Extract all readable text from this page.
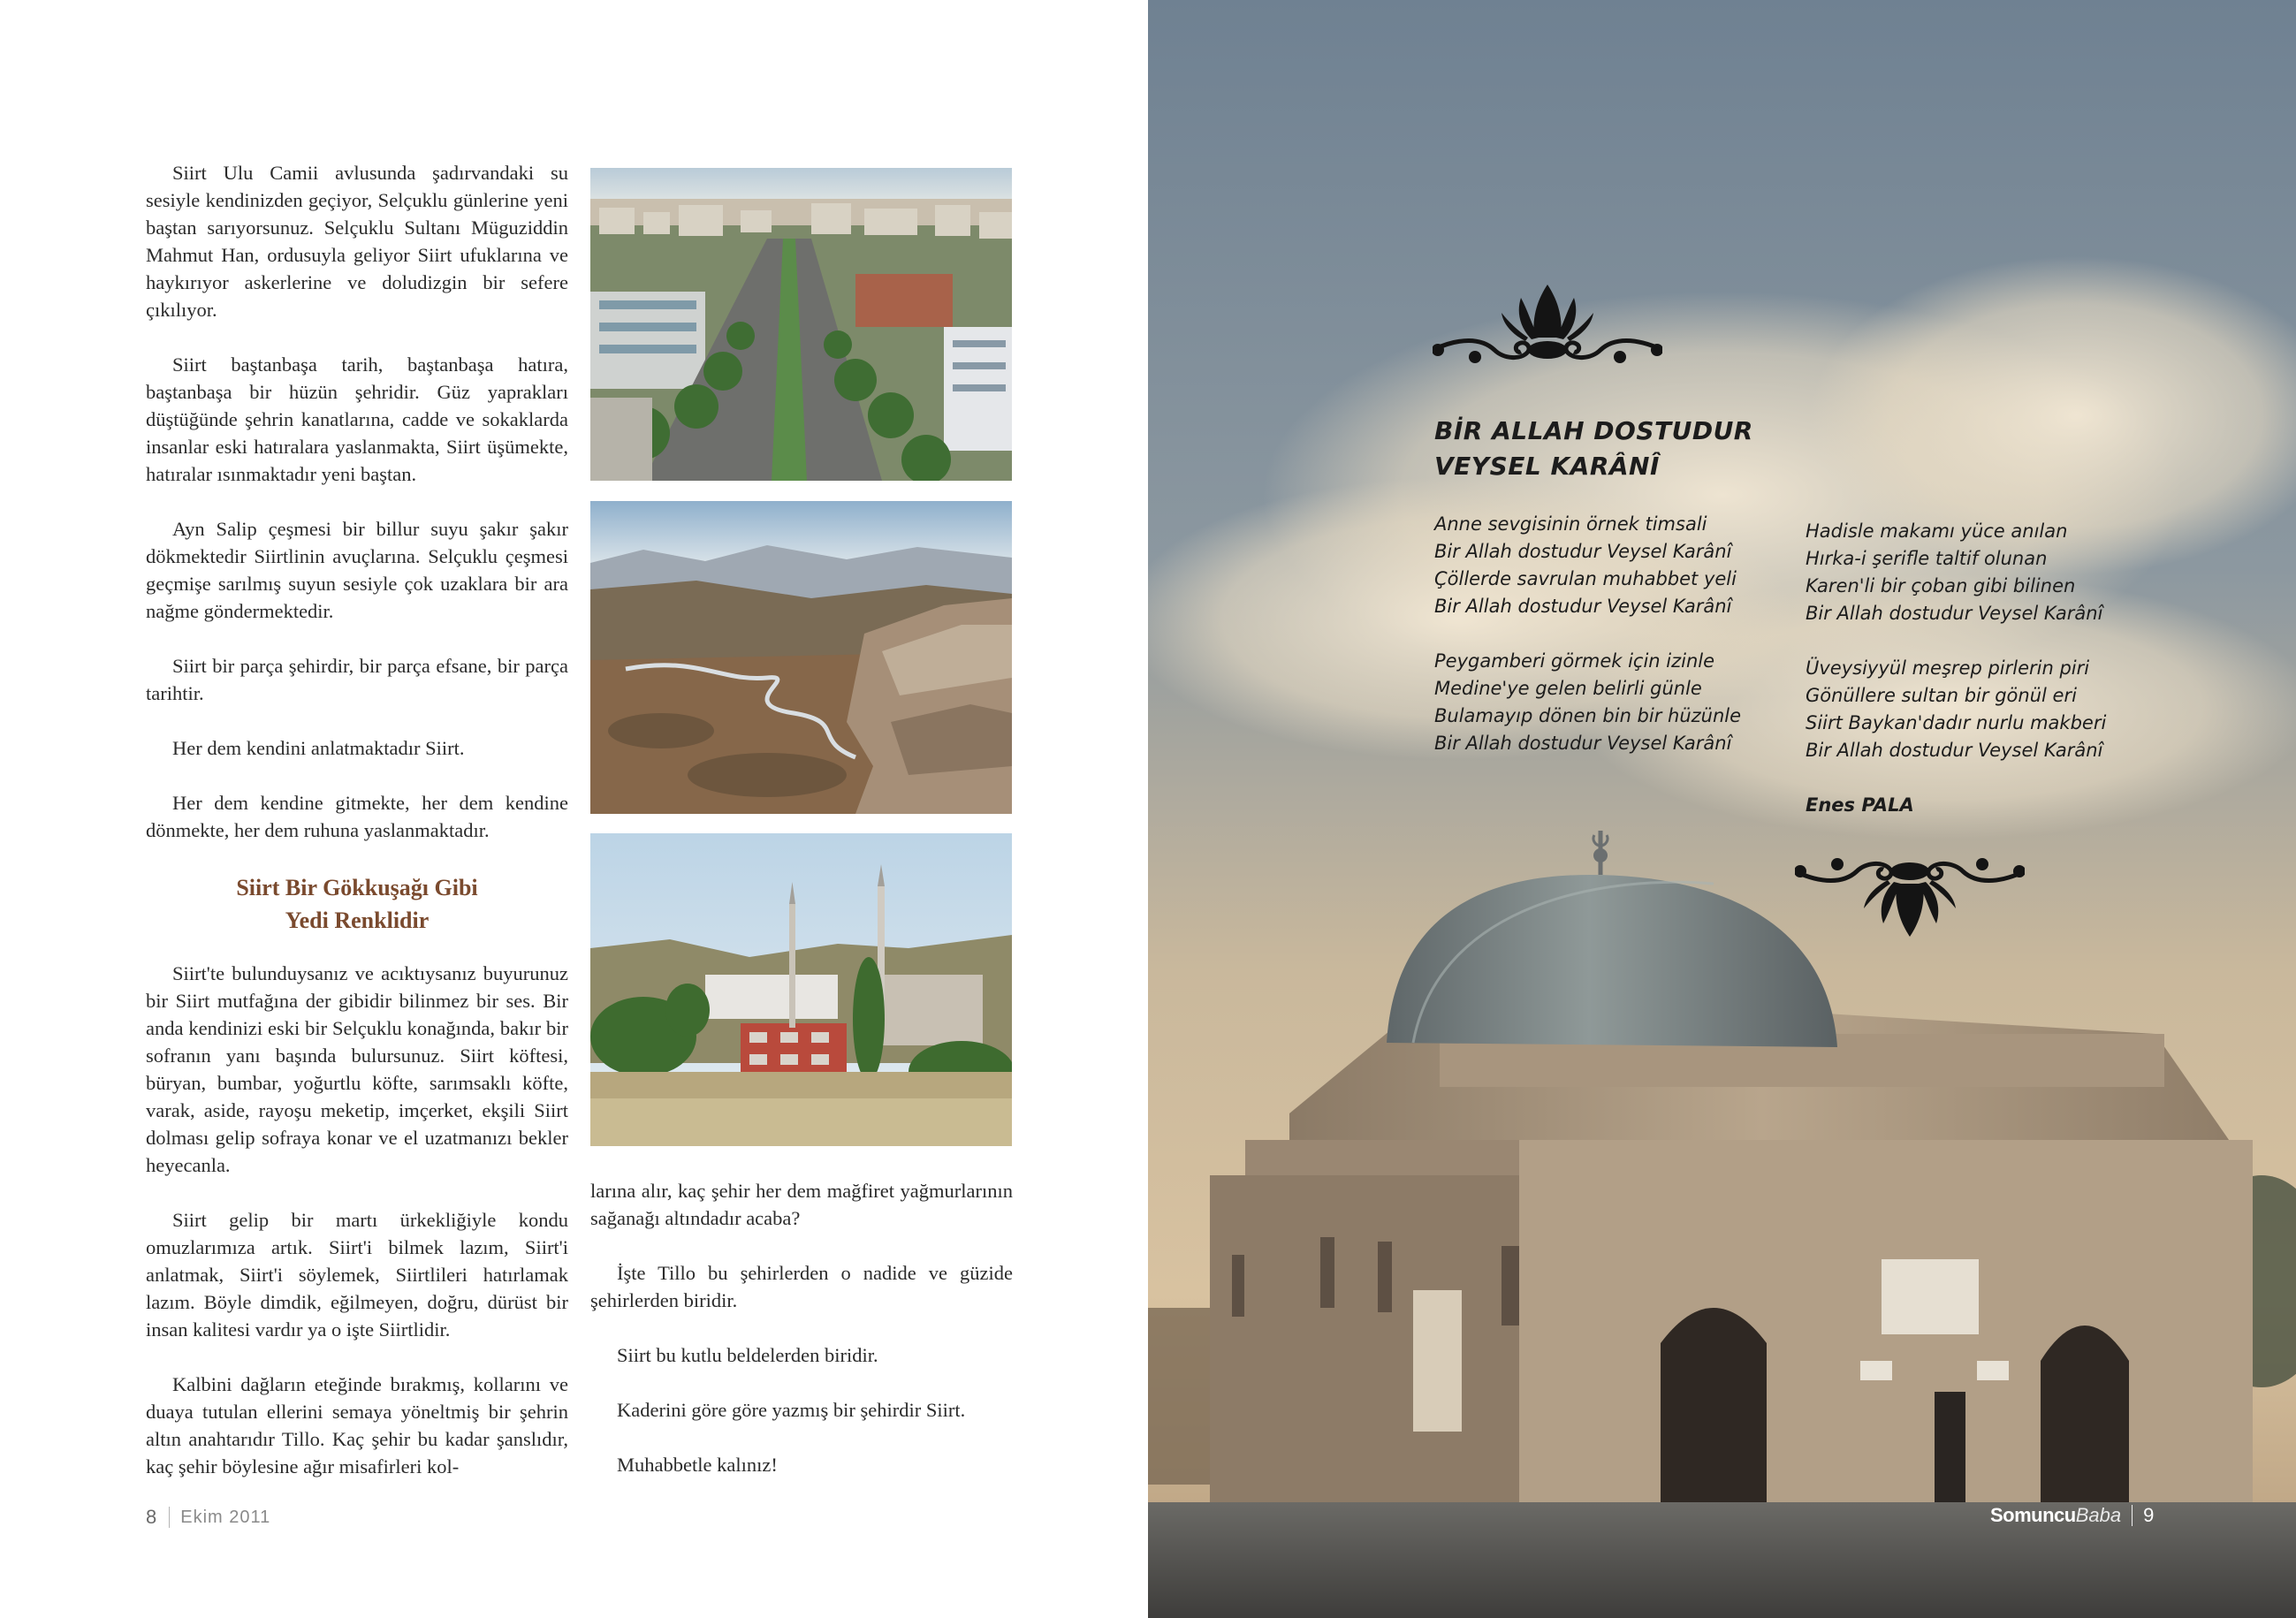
Siirt Ulu Camii avlusunda şadırvandaki su sesiyle kendinizden geçiyor, Selçuklu günlerine yeni baştan sarıyorsunuz. Selçuklu Sultanı Müguziddin Mahmut Han, ordusuyla geliyor Siirt ufuklarına ve haykırıyor askerlerine ve doludizgin bir sefere çıkılıyor.

Siirt baştanbaşa tarih, baştanbaşa hatıra, baştanbaşa bir hüzün şehridir. Güz yaprakları düştüğünde şehrin kanatlarına, cadde ve sokaklarda insanlar eski hatıralara yaslanmakta, Siirt üşümekte, hatıralar ısınmaktadır yeni baştan.

Ayn Salip çeşmesi bir billur suyu şakır şakır dökmektedir Siirtlinin avuçlarına. Selçuklu çeşmesi geçmişe sarılmış suyun sesiyle çok uzaklara bir ara nağme göndermektedir.

Siirt bir parça şehirdir, bir parça efsane, bir parça tarihtir.

Her dem kendini anlatmaktadır Siirt.

Her dem kendine gitmekte, her dem kendine dönmekte, her dem ruhuna yaslanmaktadır.

Siirt Bir Gökkuşağı Gibi
Yedi Renklidir

Siirt'te bulunduysanız ve acıktıysanız buyurunuz bir Siirt mutfağına der gibidir bilinmez bir ses. Bir anda kendinizi eski bir Selçuklu konağında, bakır bir sofranın yanı başında bulursunuz. Siirt köftesi, büryan, bumbar, yoğurtlu köfte, sarımsaklı köfte, varak, aside, rayoşu meketip, imçerket, ekşili Siirt dolması gelip sofraya konar ve el uzatmanızı bekler heyecanla.

Siirt gelip bir martı ürkekliğiyle kondu omuzlarımıza artık. Siirt'i bilmek lazım, Siirt'i anlatmak, Siirt'i söylemek, Siirtlileri hatırlamak lazım. Böyle dimdik, eğilmeyen, doğru, dürüst bir insan kalitesi vardır ya o işte Siirtlidir.

Kalbini dağların eteğinde bırakmış, kollarını ve duaya tutulan ellerini semaya yöneltmiş bir şehrin altın anahtarıdır Tillo. Kaç şehir bu kadar şanslıdır, kaç şehir böylesine ağır misafirleri kol-

larına alır, kaç şehir her dem mağfiret yağmurlarının sağanağı altındadır acaba?

İşte Tillo bu şehirlerden o nadide ve güzide şehirlerden biridir.

Siirt bu kutlu beldelerden biridir.

Kaderini göre göre yazmış bir şehirdir Siirt.

Muhabbetle kalınız!

8 Ekim 2011
BİR ALLAH DOSTUDUR
VEYSEL KARÂNÎ
Anne sevgisinin örnek timsali
Bir Allah dostudur Veysel Karânî
Çöllerde savrulan muhabbet yeli
Bir Allah dostudur Veysel Karânî
Peygamberi görmek için izinle
Medine'ye gelen belirli günle
Bulamayıp dönen bin bir hüzünle
Bir Allah dostudur Veysel Karânî
Hadisle makamı yüce anılan
Hırka-i şerifle taltif olunan
Karen'li bir çoban gibi bilinen
Bir Allah dostudur Veysel Karânî
Üveysiyyül meşrep pirlerin piri
Gönüllere sultan bir gönül eri
Siirt Baykan'dadır nurlu makberi
Bir Allah dostudur Veysel Karânî
Enes PALA
Somuncu Baba 9
